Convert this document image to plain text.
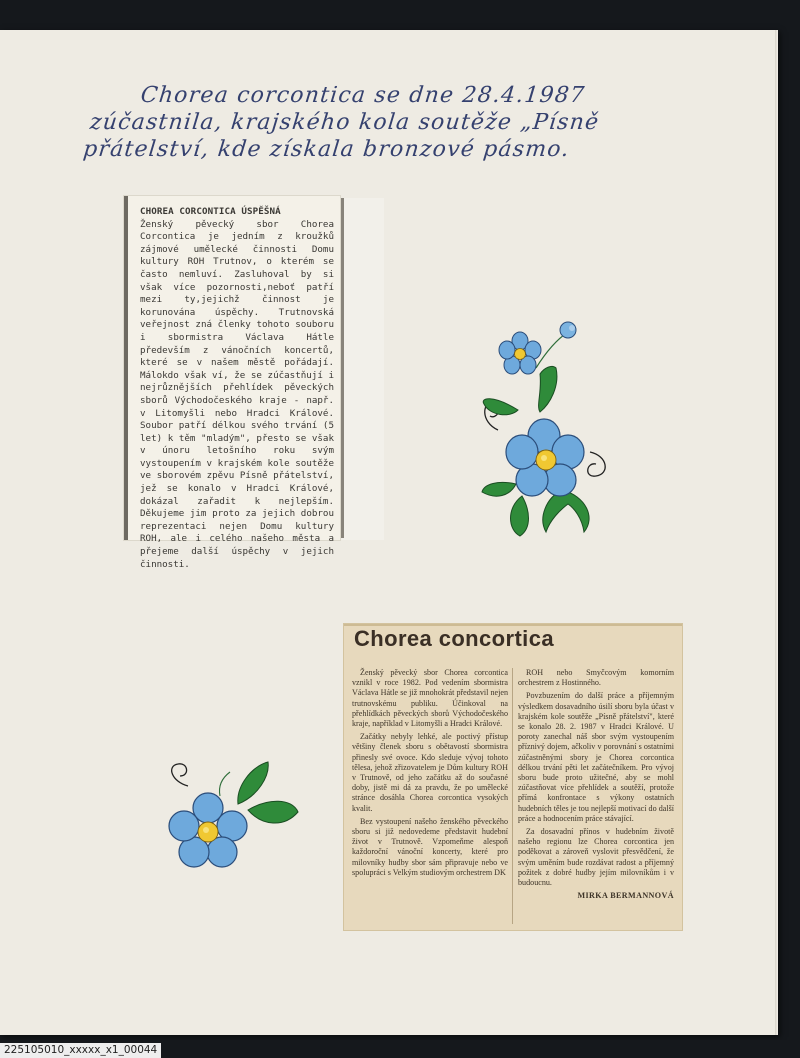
Chorea corcontica se dne 28.4.1987
zúčastnila, krajského kola soutěže „Písně
přátelství, kde získala bronzové pásmo.
CHOREA CORCONTICA ÚSPĚŠNÁ

Ženský pěvecký sbor Chorea Corcontica je jedním z kroužků zájmové umělecké činnosti Domu kultury ROH Trutnov, o kterém se často nemluví. Zasluhoval by si však více pozornosti,neboť patří mezi ty,jejichž činnost je korunována úspěchy. Trutnovská veřejnost zná členky tohoto souboru i sbormistra Václava Hátle především z vánočních koncertů, které se v našem městě pořádají. Málokdo však ví, že se zúčastňují i nejrůznějších přehlídek pěveckých sborů Východočeského kraje - např. v Litomyšli nebo Hradci Králové. Soubor patří délkou svého trvání (5 let) k těm "mladým", přesto se však v únoru letošního roku svým vystoupením v krajském kole soutěže ve sborovém zpěvu Písně přátelství, jež se konalo v Hradci Králové, dokázal zařadit k nejlepším. Děkujeme jim proto za jejich dobrou reprezentaci nejen Domu kultury ROH, ale i celého našeho města a přejeme další úspěchy v jejich činnosti.

Chorea concortica

Ženský pěvecký sbor Chorea corcontica vznikl v roce 1982. Pod vedením sbormistra Václava Hátle se již mnohokrát představil nejen trutnovskému publiku. Účinkoval na přehlídkách pěveckých sborů Východočeského kraje, například v Litomyšli a Hradci Králové.

Začátky nebyly lehké, ale poctivý přístup většiny členek sboru s obětavostí sbormistra přinesly své ovoce. Kdo sleduje vývoj tohoto tělesa, jehož zřizovatelem je Dům kultury ROH v Trutnově, od jeho začátku až do současné doby, jistě mi dá za pravdu, že po umělecké stránce dosáhla Chorea corcontica vysokých kvalit.

Bez vystoupení našeho ženského pěveckého sboru si již nedovedeme představit hudební život v Trutnově. Vzpomeňme alespoň každoroční vánoční koncerty, které pro milovníky hudby sbor sám připravuje nebo ve spolupráci s Velkým studiovým orchestrem DK

ROH nebo Smyčcovým komorním orchestrem z Hostinného.

Povzbuzením do další práce a příjemným výsledkem dosavadního úsilí sboru byla účast v krajském kole soutěže „Písně přátelství", které se konalo 28. 2. 1987 v Hradci Králové. U poroty zanechal náš sbor svým vystoupením příznivý dojem, ačkoliv v porovnání s ostatními zúčastněnými sbory je Chorea corcontica délkou trvání pěti let začátečníkem. Pro vývoj sboru bude proto užitečné, aby se mohl zúčastňovat více přehlídek a soutěží, protože přímá konfrontace s výkony ostatních hudebních těles je tou nejlepší motivací do další práce a hodnocením práce stávající.

Za dosavadní přínos v hudebním životě našeho regionu lze Chorea corcontica jen poděkovat a zároveň vyslovit přesvědčení, že svým uměním bude rozdávat radost a příjemný požitek z dobré hudby jejím milovníkům i v budoucnu.

MIRKA BERMANNOVÁ

225105010_xxxxx_x1_00044
